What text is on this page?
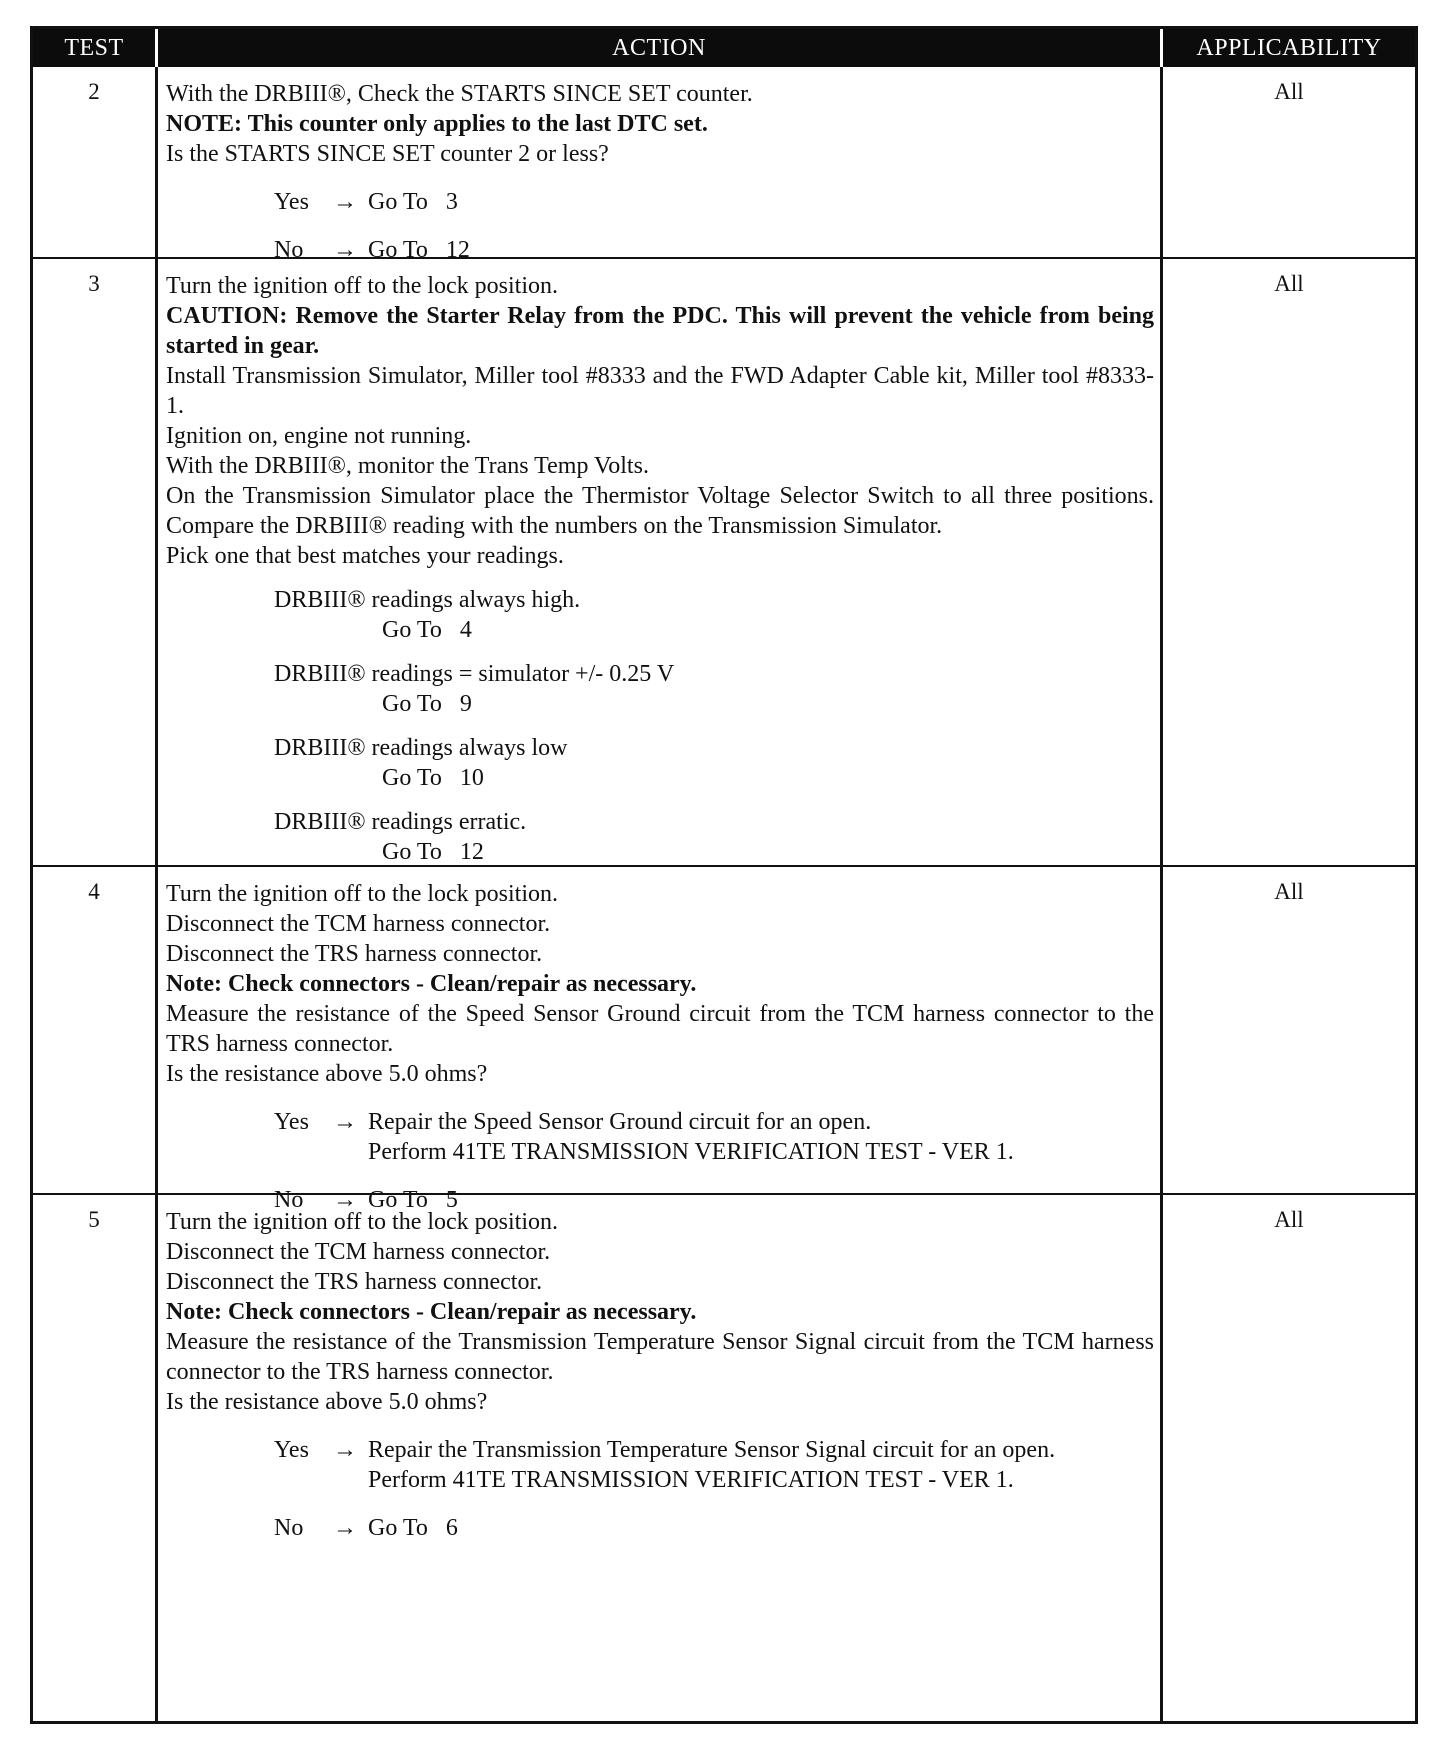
TEST	ACTION	APPLICABILITY
2	With the DRBIII®, Check the STARTS SINCE SET counter.
NOTE: This counter only applies to the last DTC set.
Is the STARTS SINCE SET counter 2 or less?
Yes	→ Go To   3
No	→ Go To   12
All
3	Turn the ignition off to the lock position.
CAUTION: Remove the Starter Relay from the PDC. This will prevent the vehicle from being started in gear.
Install Transmission Simulator, Miller tool #8333 and the FWD Adapter Cable kit, Miller tool #8333-1.
Ignition on, engine not running.
With the DRBIII®, monitor the Trans Temp Volts.
On the Transmission Simulator place the Thermistor Voltage Selector Switch to all three positions. Compare the DRBIII® reading with the numbers on the Transmission Simulator.
Pick one that best matches your readings.
DRBIII® readings always high.
Go To   4
DRBIII® readings = simulator +/- 0.25 V
Go To   9
DRBIII® readings always low
Go To   10
DRBIII® readings erratic.
Go To   12
All
4	Turn the ignition off to the lock position.
Disconnect the TCM harness connector.
Disconnect the TRS harness connector.
Note: Check connectors - Clean/repair as necessary.
Measure the resistance of the Speed Sensor Ground circuit from the TCM harness connector to the TRS harness connector.
Is the resistance above 5.0 ohms?
Yes	→ Repair the Speed Sensor Ground circuit for an open.
Perform 41TE TRANSMISSION VERIFICATION TEST - VER 1.
No	→ Go To   5
All
5	Turn the ignition off to the lock position.
Disconnect the TCM harness connector.
Disconnect the TRS harness connector.
Note: Check connectors - Clean/repair as necessary.
Measure the resistance of the Transmission Temperature Sensor Signal circuit from the TCM harness connector to the TRS harness connector.
Is the resistance above 5.0 ohms?
Yes	→ Repair the Transmission Temperature Sensor Signal circuit for an open.
Perform 41TE TRANSMISSION VERIFICATION TEST - VER 1.
No	→ Go To   6
All
